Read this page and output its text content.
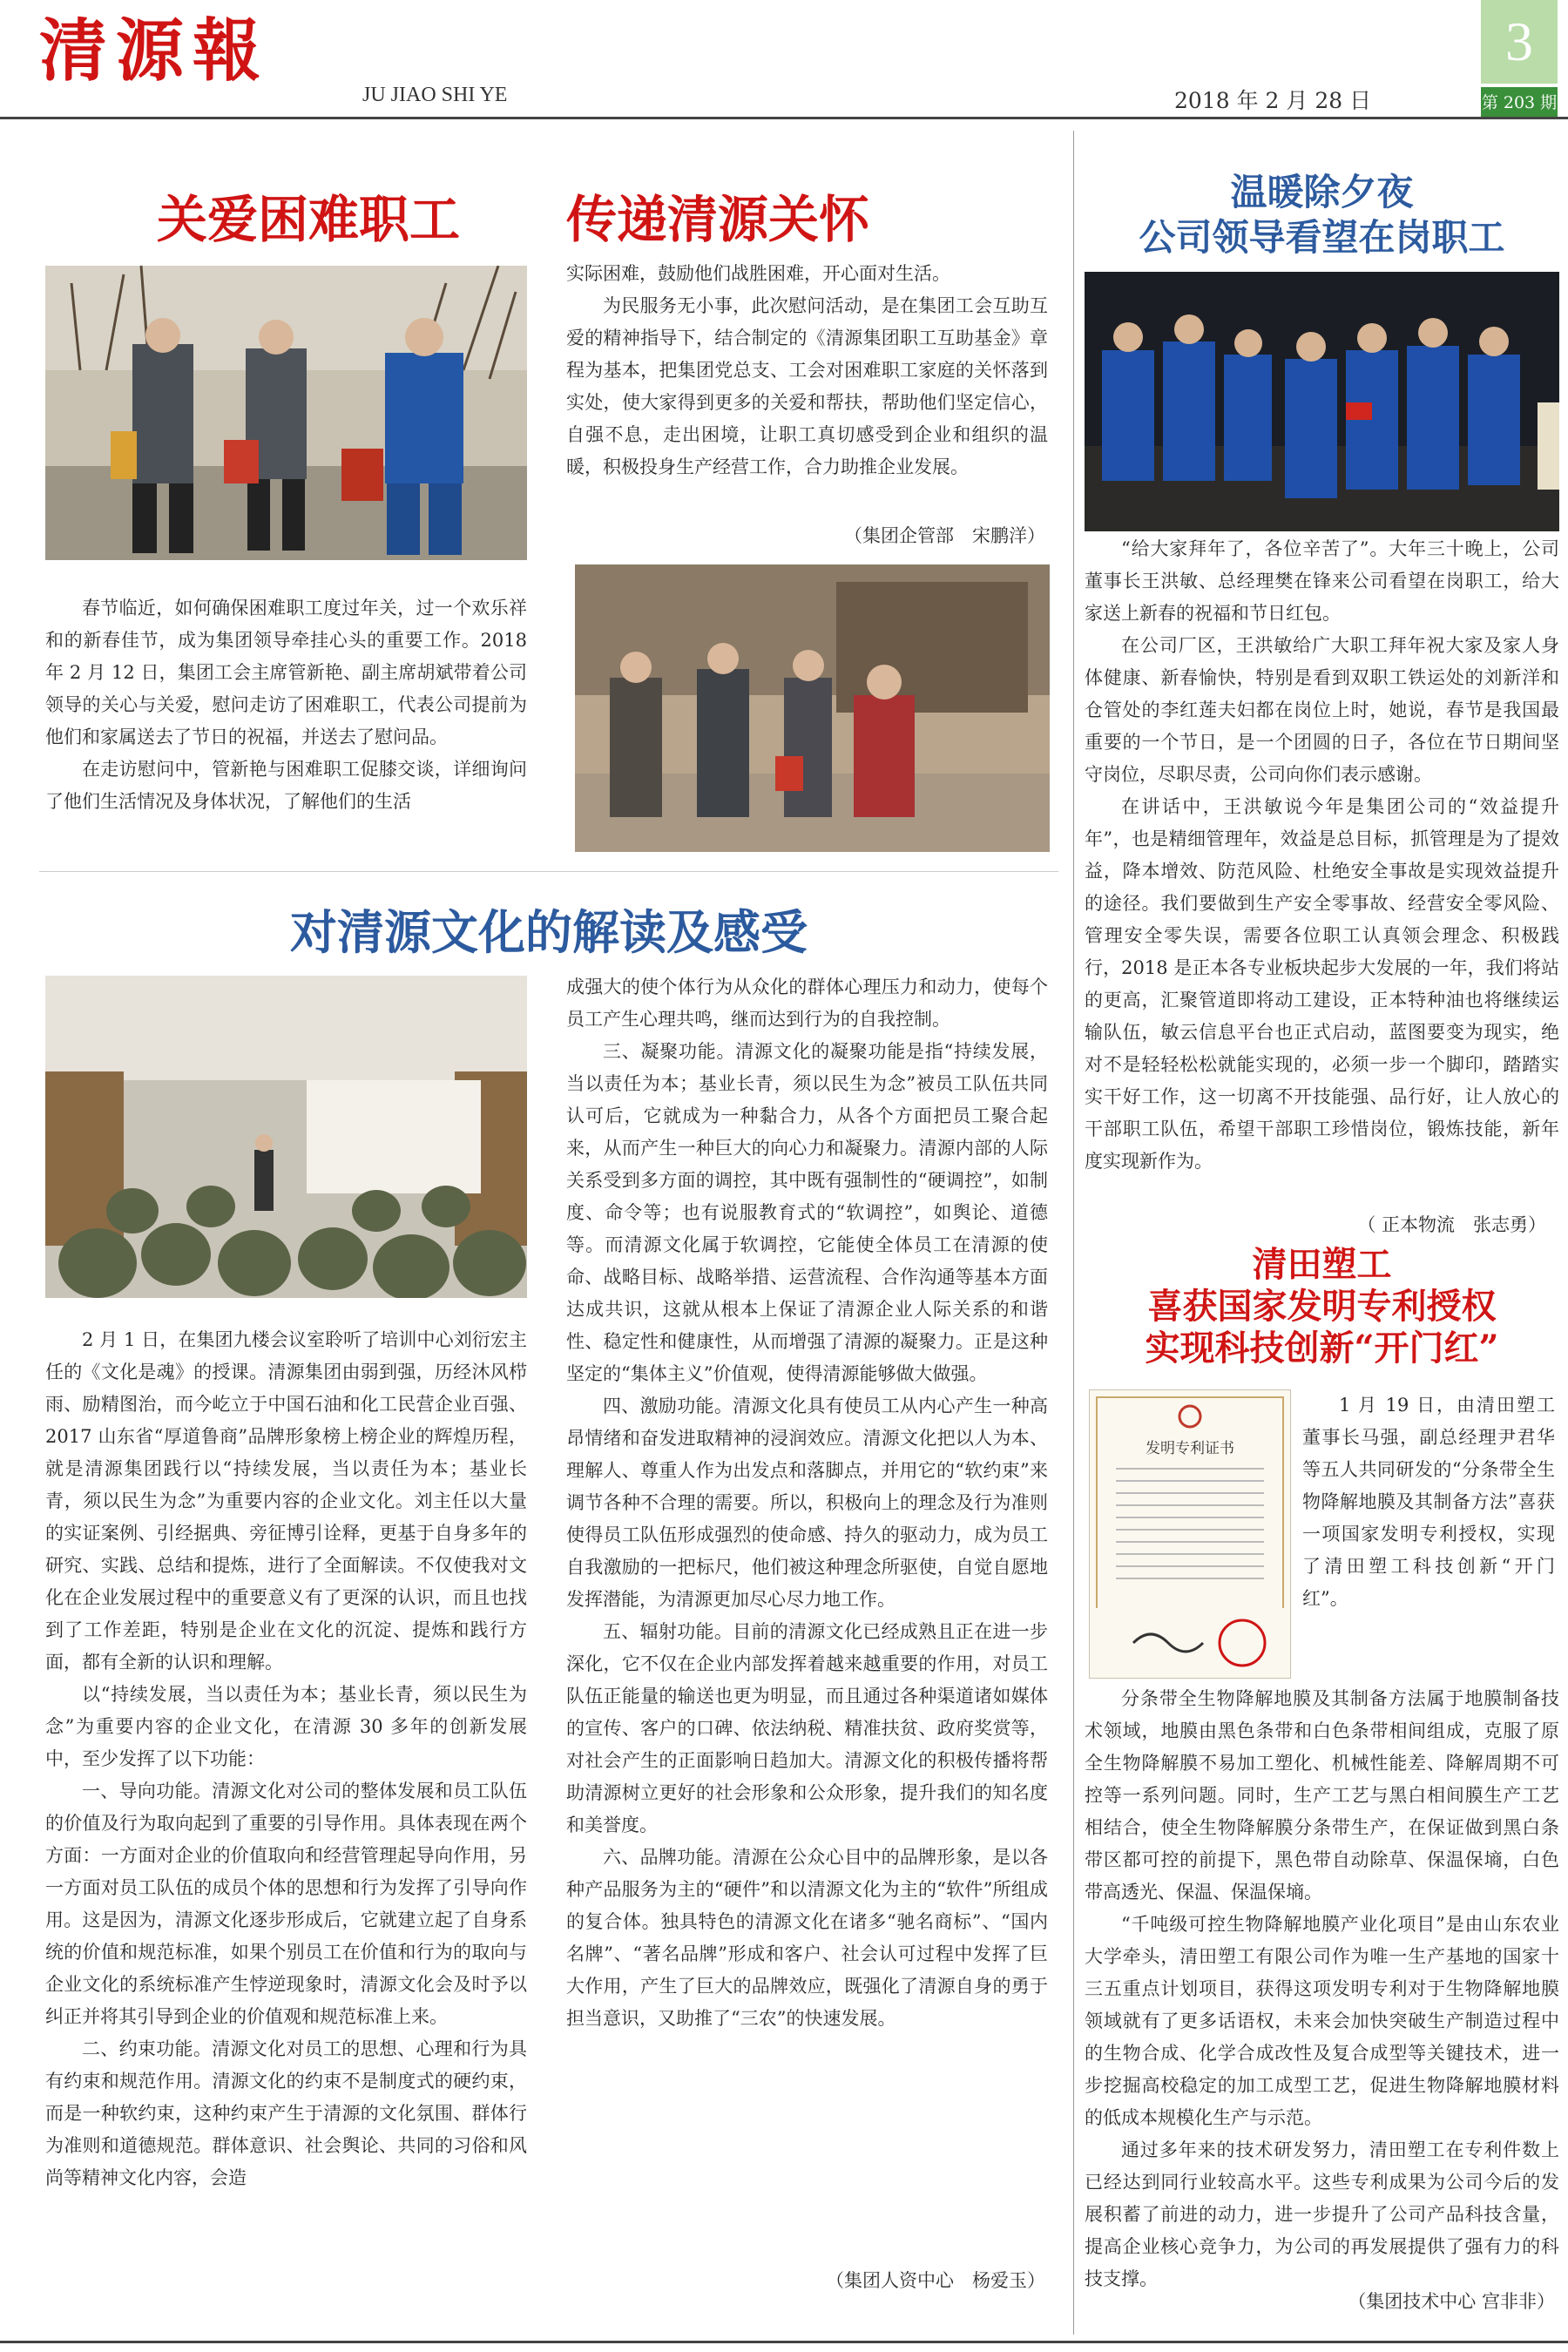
清源報
JU JIAO SHI YE	2018 年 2 月 28 日
3
第 203 期
关爱困难职工 传递清源关怀

春节临近，如何确保困难职工度过年关，过一个欢乐祥和的新春佳节，成为集团领导牵挂心头的重要工作。2018 年 2 月 12 日，集团工会主席管新艳、副主席胡斌带着公司领导的关心与关爱，慰问走访了困难职工，代表公司提前为他们和家属送去了节日的祝福，并送去了慰问品。

在走访慰问中，管新艳与困难职工促膝交谈，详细询问了他们生活情况及身体状况，了解他们的生活

实际困难，鼓励他们战胜困难，开心面对生活。

为民服务无小事，此次慰问活动，是在集团工会互助互爱的精神指导下，结合制定的《清源集团职工互助基金》章程为基本，把集团党总支、工会对困难职工家庭的关怀落到实处，使大家得到更多的关爱和帮扶，帮助他们坚定信心，自强不息，走出困境，让职工真切感受到企业和组织的温暖，积极投身生产经营工作，合力助推企业发展。

（集团企管部　宋鹏洋）
对清源文化的解读及感受

2 月 1 日，在集团九楼会议室聆听了培训中心刘衍宏主任的《文化是魂》的授课。清源集团由弱到强，历经沐风栉雨、励精图治，而今屹立于中国石油和化工民营企业百强、2017 山东省“厚道鲁商”品牌形象榜上榜企业的辉煌历程，就是清源集团践行以“持续发展，当以责任为本；基业长青，须以民生为念”为重要内容的企业文化。刘主任以大量的实证案例、引经据典、旁征博引诠释，更基于自身多年的研究、实践、总结和提炼，进行了全面解读。不仅使我对文化在企业发展过程中的重要意义有了更深的认识，而且也找到了工作差距，特别是企业在文化的沉淀、提炼和践行方面，都有全新的认识和理解。

以“持续发展，当以责任为本；基业长青，须以民生为念”为重要内容的企业文化，在清源 30 多年的创新发展中，至少发挥了以下功能：

一、导向功能。清源文化对公司的整体发展和员工队伍的价值及行为取向起到了重要的引导作用。具体表现在两个方面：一方面对企业的价值取向和经营管理起导向作用，另一方面对员工队伍的成员个体的思想和行为发挥了引导向作用。这是因为，清源文化逐步形成后，它就建立起了自身系统的价值和规范标准，如果个别员工在价值和行为的取向与企业文化的系统标准产生悖逆现象时，清源文化会及时予以纠正并将其引导到企业的价值观和规范标准上来。

二、约束功能。清源文化对员工的思想、心理和行为具有约束和规范作用。清源文化的约束不是制度式的硬约束，而是一种软约束，这种约束产生于清源的文化氛围、群体行为准则和道德规范。群体意识、社会舆论、共同的习俗和风尚等精神文化内容，会造

成强大的使个体行为从众化的群体心理压力和动力，使每个员工产生心理共鸣，继而达到行为的自我控制。

三、凝聚功能。清源文化的凝聚功能是指“持续发展，当以责任为本；基业长青，须以民生为念”被员工队伍共同认可后，它就成为一种黏合力，从各个方面把员工聚合起来，从而产生一种巨大的向心力和凝聚力。清源内部的人际关系受到多方面的调控，其中既有强制性的“硬调控”，如制度、命令等；也有说服教育式的“软调控”，如舆论、道德等。而清源文化属于软调控，它能使全体员工在清源的使命、战略目标、战略举措、运营流程、合作沟通等基本方面达成共识，这就从根本上保证了清源企业人际关系的和谐性、稳定性和健康性，从而增强了清源的凝聚力。正是这种坚定的“集体主义”价值观，使得清源能够做大做强。

四、激励功能。清源文化具有使员工从内心产生一种高昂情绪和奋发进取精神的浸润效应。清源文化把以人为本、理解人、尊重人作为出发点和落脚点，并用它的“软约束”来调节各种不合理的需要。所以，积极向上的理念及行为准则使得员工队伍形成强烈的使命感、持久的驱动力，成为员工自我激励的一把标尺，他们被这种理念所驱使，自觉自愿地发挥潜能，为清源更加尽心尽力地工作。

五、辐射功能。目前的清源文化已经成熟且正在进一步深化，它不仅在企业内部发挥着越来越重要的作用，对员工队伍正能量的输送也更为明显，而且通过各种渠道诸如媒体的宣传、客户的口碑、依法纳税、精准扶贫、政府奖赏等，对社会产生的正面影响日趋加大。清源文化的积极传播将帮助清源树立更好的社会形象和公众形象，提升我们的知名度和美誉度。

六、品牌功能。清源在公众心目中的品牌形象，是以各种产品服务为主的“硬件”和以清源文化为主的“软件”所组成的复合体。独具特色的清源文化在诸多“驰名商标”、“国内名牌”、“著名品牌”形成和客户、社会认可过程中发挥了巨大作用，产生了巨大的品牌效应，既强化了清源自身的勇于担当意识，又助推了“三农”的快速发展。

（集团人资中心　杨爱玉）
温暖除夕夜
公司领导看望在岗职工

“给大家拜年了，各位辛苦了”。大年三十晚上，公司董事长王洪敏、总经理樊在锋来公司看望在岗职工，给大家送上新春的祝福和节日红包。

在公司厂区，王洪敏给广大职工拜年祝大家及家人身体健康、新春愉快，特别是看到双职工铁运处的刘新洋和仓管处的李红莲夫妇都在岗位上时，她说，春节是我国最重要的一个节日，是一个团圆的日子，各位在节日期间坚守岗位，尽职尽责，公司向你们表示感谢。

在讲话中，王洪敏说今年是集团公司的“效益提升年”，也是精细管理年，效益是总目标，抓管理是为了提效益，降本增效、防范风险、杜绝安全事故是实现效益提升的途径。我们要做到生产安全零事故、经营安全零风险、管理安全零失误，需要各位职工认真领会理念、积极践行，2018 是正本各专业板块起步大发展的一年，我们将站的更高，汇聚管道即将动工建设，正本特种油也将继续运输队伍，敏云信息平台也正式启动，蓝图要变为现实，绝对不是轻轻松松就能实现的，必须一步一个脚印，踏踏实实干好工作，这一切离不开技能强、品行好，让人放心的干部职工队伍，希望干部职工珍惜岗位，锻炼技能，新年度实现新作为。

（ 正本物流　张志勇）
清田塑工
喜获国家发明专利授权
实现科技创新“开门红”
发明专利证书

1 月 19 日，由清田塑工董事长马强，副总经理尹君华等五人共同研发的“分条带全生物降解地膜及其制备方法”喜获一项国家发明专利授权，实现了清田塑工科技创新“开门红”。

分条带全生物降解地膜及其制备方法属于地膜制备技术领域，地膜由黑色条带和白色条带相间组成，克服了原全生物降解膜不易加工塑化、机械性能差、降解周期不可控等一系列问题。同时，生产工艺与黑白相间膜生产工艺相结合，使全生物降解膜分条带生产，在保证做到黑白条带区都可控的前提下，黑色带自动除草、保温保墒，白色带高透光、保温、保温保墒。

“千吨级可控生物降解地膜产业化项目”是由山东农业大学牵头，清田塑工有限公司作为唯一生产基地的国家十三五重点计划项目，获得这项发明专利对于生物降解地膜领域就有了更多话语权，未来会加快突破生产制造过程中的生物合成、化学合成改性及复合成型等关键技术，进一步挖掘高校稳定的加工成型工艺，促进生物降解地膜材料的低成本规模化生产与示范。

通过多年来的技术研发努力，清田塑工在专利件数上已经达到同行业较高水平。这些专利成果为公司今后的发展积蓄了前进的动力，进一步提升了公司产品科技含量，提高企业核心竞争力，为公司的再发展提供了强有力的科技支撑。

（集团技术中心 宫非非）
